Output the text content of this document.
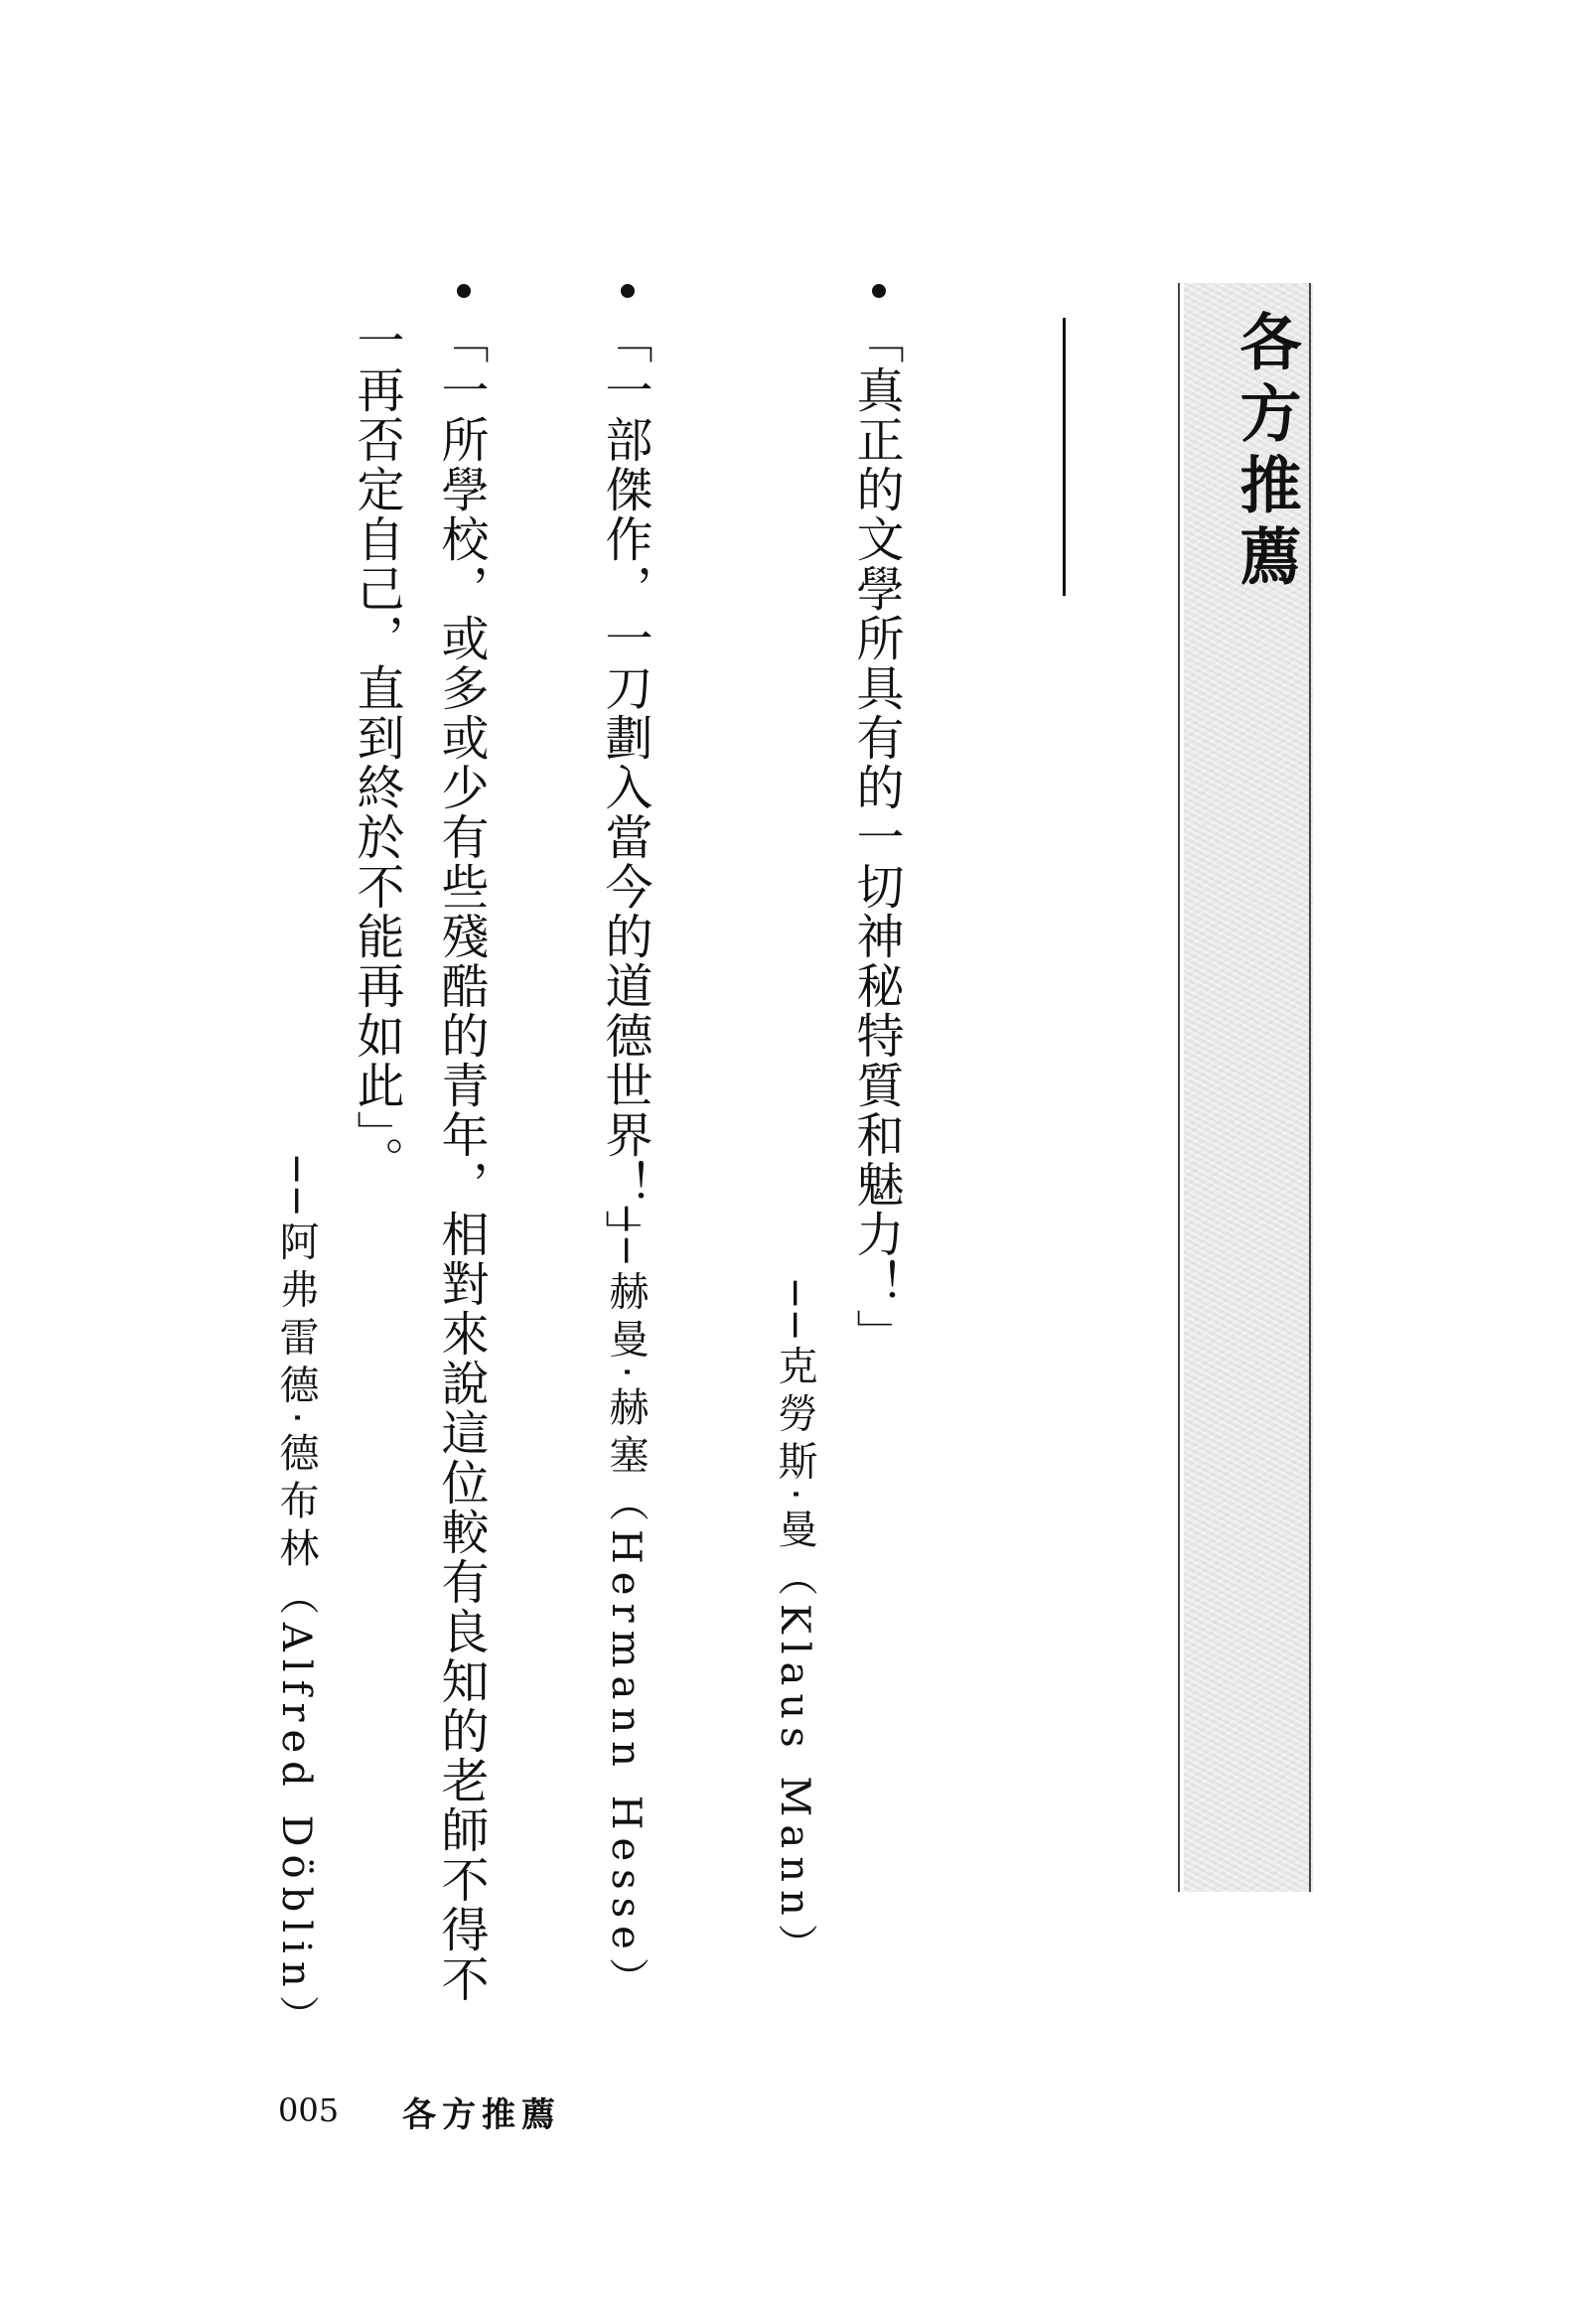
各方推薦
「真正的文學所具有的一切神秘特質和魅力！」
──克勞斯‧曼（Klaus Mann）
「一部傑作，一刀劃入當今的道德世界！」
──赫曼‧赫塞（Hermann Hesse）
「一所學校，或多或少有些殘酷的青年，相對來說這位較有良知的老師不得不
一再否定自己，直到終於不能再如此」。
──阿弗雷德‧德布林（Alfred Döblin）
005 各方推薦
